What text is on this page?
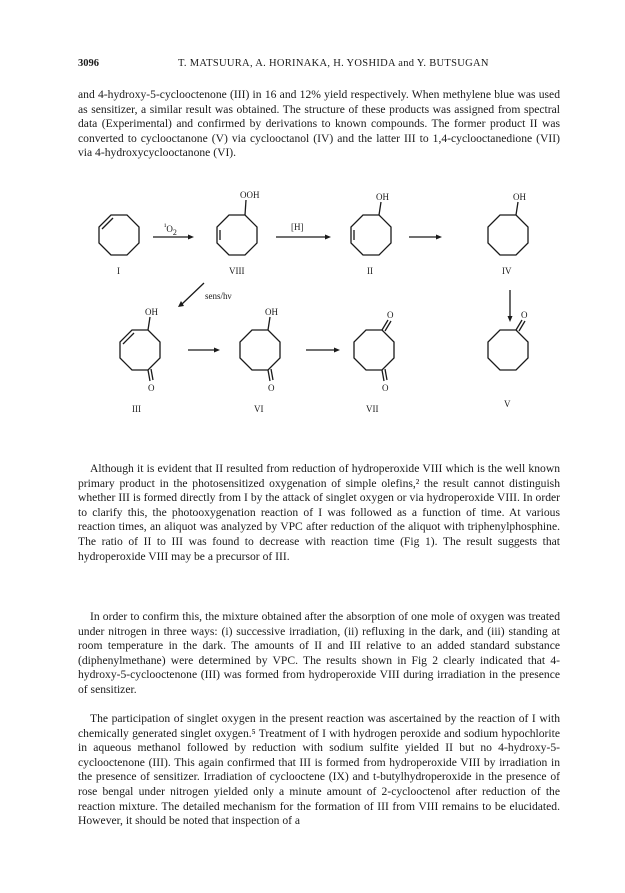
3096	T. MATSUURA, A. HORINAKA, H. YOSHIDA and Y. BUTSUGAN

and 4-hydroxy-5-cyclooctenone (III) in 16 and 12% yield respectively. When methylene blue was used as sensitizer, a similar result was obtained. The structure of these products was assigned from spectral data (Experimental) and confirmed by derivations to known compounds. The former product II was converted to cyclooctanone (V) via cyclooctanol (IV) and the latter III to 1,4-cyclooctanedione (VII) via 4-hydroxycyclooctanone (VI).

¹O2
[H]
sens/hν
OOH	OH	OH
OH	OH	O	O
O	O	O
I	VIII	II	IV
III	VI	VII	V

Although it is evident that II resulted from reduction of hydroperoxide VIII which is the well known primary product in the photosensitized oxygenation of simple olefins,² the result cannot distinguish whether III is formed directly from I by the attack of singlet oxygen or via hydroperoxide VIII. In order to clarify this, the photooxygenation reaction of I was followed as a function of time. At various reaction times, an aliquot was analyzed by VPC after reduction of the aliquot with triphenylphosphine. The ratio of II to III was found to decrease with reaction time (Fig 1). The result suggests that hydroperoxide VIII may be a precursor of III.

In order to confirm this, the mixture obtained after the absorption of one mole of oxygen was treated under nitrogen in three ways: (i) successive irradiation, (ii) refluxing in the dark, and (iii) standing at room temperature in the dark. The amounts of II and III relative to an added standard substance (diphenylmethane) were determined by VPC. The results shown in Fig 2 clearly indicated that 4-hydroxy-5-cyclooctenone (III) was formed from hydroperoxide VIII during irradiation in the presence of sensitizer.

The participation of singlet oxygen in the present reaction was ascertained by the reaction of I with chemically generated singlet oxygen.⁵ Treatment of I with hydrogen peroxide and sodium hypochlorite in aqueous methanol followed by reduction with sodium sulfite yielded II but no 4-hydroxy-5-cyclooctenone (III). This again confirmed that III is formed from hydroperoxide VIII by irradiation in the presence of sensitizer. Irradiation of cyclooctene (IX) and t-butylhydroperoxide in the presence of rose bengal under nitrogen yielded only a minute amount of 2-cyclooctenol after reduction of the reaction mixture. The detailed mechanism for the formation of III from VIII remains to be elucidated. However, it should be noted that inspection of a
